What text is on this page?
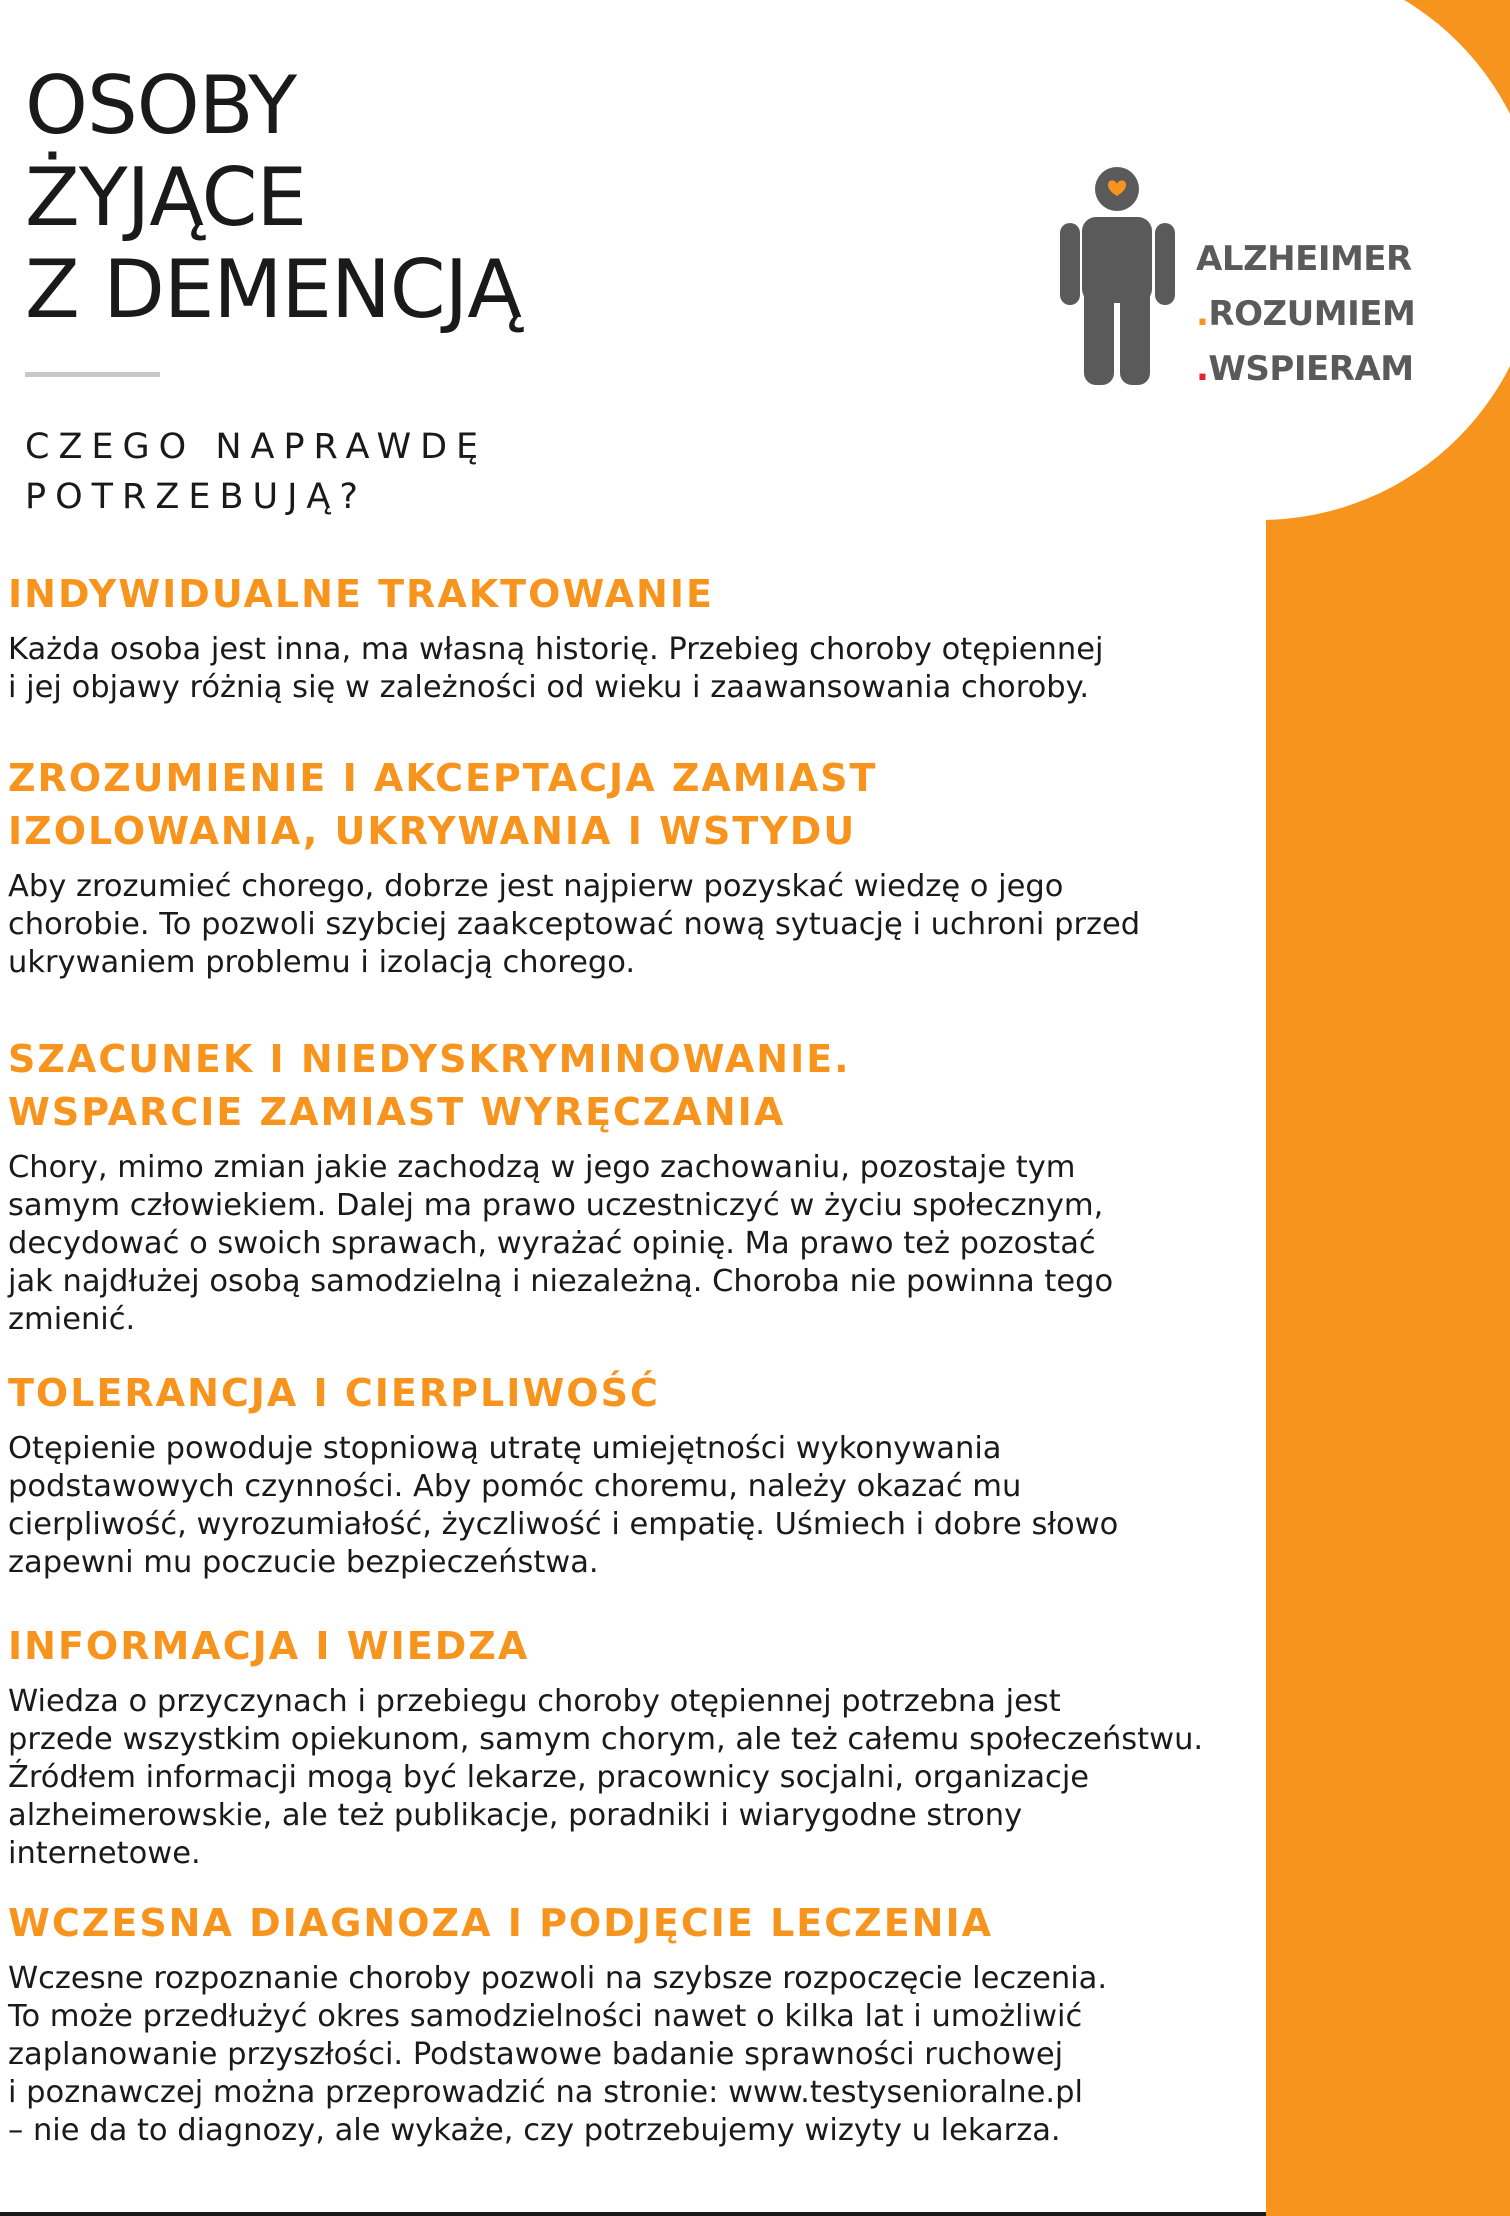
ALZHEIMER
.ROZUMIEM
.WSPIERAM
OSOBY
ŻYJĄCE
Z DEMENCJĄ
CZEGO NAPRAWDĘ
POTRZEBUJĄ?
INDYWIDUALNE TRAKTOWANIE

Każda osoba jest inna, ma własną historię. Przebieg choroby otępiennej
i jej objawy różnią się w zależności od wieku i zaawansowania choroby.

ZROZUMIENIE I AKCEPTACJA ZAMIAST
IZOLOWANIA, UKRYWANIA I WSTYDU

Aby zrozumieć chorego, dobrze jest najpierw pozyskać wiedzę o jego
chorobie. To pozwoli szybciej zaakceptować nową sytuację i uchroni przed
ukrywaniem problemu i izolacją chorego.

SZACUNEK I NIEDYSKRYMINOWANIE.
WSPARCIE ZAMIAST WYRĘCZANIA

Chory, mimo zmian jakie zachodzą w jego zachowaniu, pozostaje tym
samym człowiekiem. Dalej ma prawo uczestniczyć w życiu społecznym,
decydować o swoich sprawach, wyrażać opinię. Ma prawo też pozostać
jak najdłużej osobą samodzielną i niezależną. Choroba nie powinna tego
zmienić.

TOLERANCJA I CIERPLIWOŚĆ

Otępienie powoduje stopniową utratę umiejętności wykonywania
podstawowych czynności. Aby pomóc choremu, należy okazać mu
cierpliwość, wyrozumiałość, życzliwość i empatię. Uśmiech i dobre słowo
zapewni mu poczucie bezpieczeństwa.

INFORMACJA I WIEDZA

Wiedza o przyczynach i przebiegu choroby otępiennej potrzebna jest
przede wszystkim opiekunom, samym chorym, ale też całemu społeczeństwu.
Źródłem informacji mogą być lekarze, pracownicy socjalni, organizacje
alzheimerowskie, ale też publikacje, poradniki i wiarygodne strony
internetowe.

WCZESNA DIAGNOZA I PODJĘCIE LECZENIA

Wczesne rozpoznanie choroby pozwoli na szybsze rozpoczęcie leczenia.
To może przedłużyć okres samodzielności nawet o kilka lat i umożliwić
zaplanowanie przyszłości. Podstawowe badanie sprawności ruchowej
i poznawczej można przeprowadzić na stronie: www.testysenioralne.pl
– nie da to diagnozy, ale wykaże, czy potrzebujemy wizyty u lekarza.
